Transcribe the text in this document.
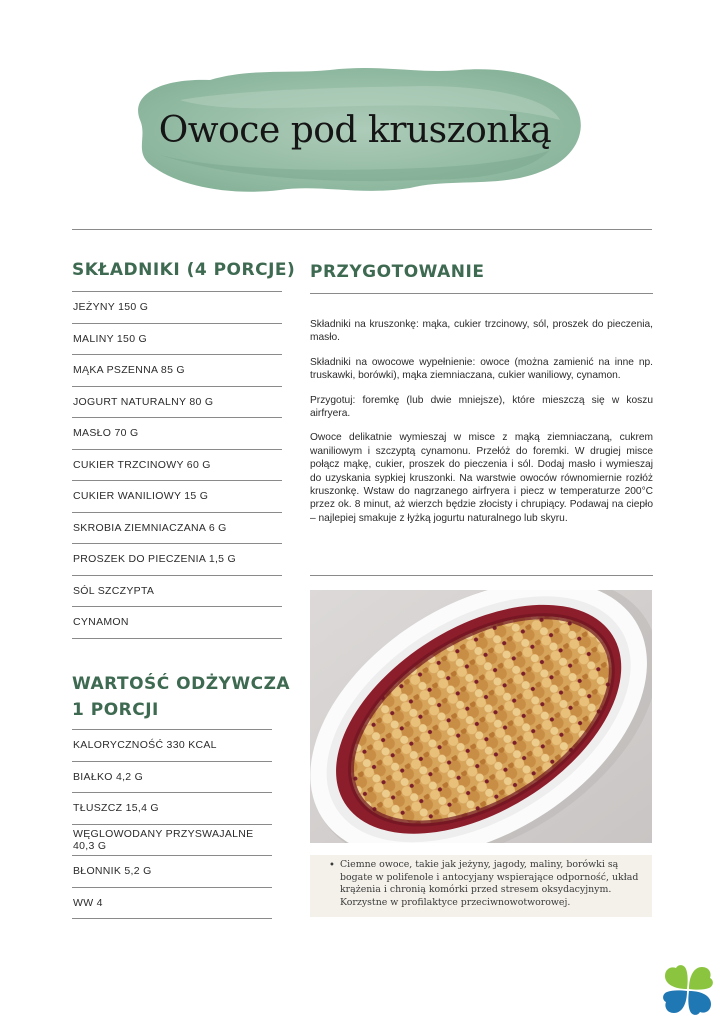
Owoce pod kruszonką
SKŁADNIKI (4 PORCJE)
JEŻYNY 150 G
MALINY 150 G
MĄKA PSZENNA 85 G
JOGURT NATURALNY 80 G
MASŁO 70 G
CUKIER TRZCINOWY 60 G
CUKIER WANILIOWY 15 G
SKROBIA ZIEMNIACZANA 6 G
PROSZEK DO PIECZENIA 1,5 G
SÓL SZCZYPTA
CYNAMON
WARTOŚĆ ODŻYWCZA
1 PORCJI
KALORYCZNOŚĆ 330 KCAL
BIAŁKO 4,2 G
TŁUSZCZ 15,4 G
WĘGLOWODANY PRZYSWAJALNE 40,3 G
BŁONNIK 5,2 G
WW 4
PRZYGOTOWANIE

Składniki na kruszonkę: mąka, cukier trzcinowy, sól, proszek do pieczenia, masło.

Składniki na owocowe wypełnienie: owoce (można zamienić na inne np. truskawki, borówki), mąka ziemniaczana, cukier waniliowy, cynamon.

Przygotuj: foremkę (lub dwie mniejsze), które mieszczą się w koszu airfryera.

Owoce delikatnie wymieszaj w misce z mąką ziemniaczaną, cukrem waniliowym i szczyptą cynamonu. Przełóż do foremki. W drugiej misce połącz mąkę, cukier, proszek do pieczenia i sól. Dodaj masło i wymieszaj do uzyskania sypkiej kruszonki. Na warstwie owoców równomiernie rozłóż kruszonkę. Wstaw do nagrzanego airfryera i piecz w temperaturze 200°C przez ok. 8 minut, aż wierzch będzie złocisty i chrupiący. Podawaj na ciepło – najlepiej smakuje z łyżką jogurtu naturalnego lub skyru.

• Ciemne owoce, takie jak jeżyny, jagody, maliny, borówki są bogate w polifenole i antocyjany wspierające odporność, układ krążenia i chronią komórki przed stresem oksydacyjnym. Korzystne w profilaktyce przeciwnowotworowej.
